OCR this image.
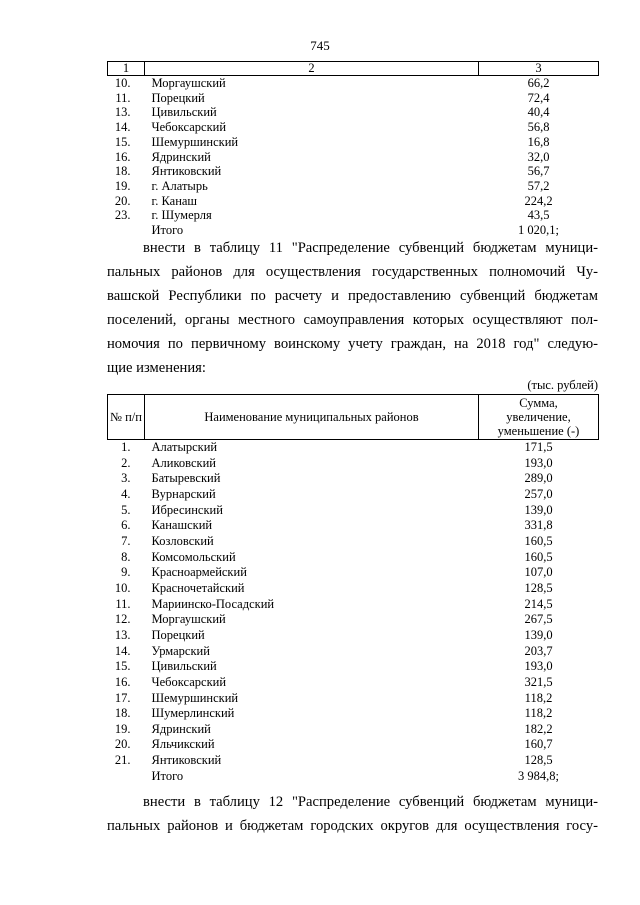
745
1	2	3
10.	Моргаушский	66,2
11.	Порецкий	72,4
13.	Цивильский	40,4
14.	Чебоксарский	56,8
15.	Шемуршинский	16,8
16.	Ядринский	32,0
18.	Янтиковский	56,7
19.	г. Алатырь	57,2
20.	г. Канаш	224,2
23.	г. Шумерля	43,5
	Итого	1 020,1;
внести в таблицу 11 "Распределение субвенций бюджетам муници-
пальных районов для осуществления государственных полномочий Чу-
вашской Республики по расчету и предоставлению субвенций бюджетам
поселений, органы местного самоуправления которых осуществляют пол-
номочия по первичному воинскому учету граждан, на 2018 год" следую-
щие изменения:
(тыс. рублей)
№ п/п	Наименование муниципальных районов	Сумма,
увеличение,
уменьшение (-)

1.	Алатырский	171,5
2.	Аликовский	193,0
3.	Батыревский	289,0
4.	Вурнарский	257,0
5.	Ибресинский	139,0
6.	Канашский	331,8
7.	Козловский	160,5
8.	Комсомольский	160,5
9.	Красноармейский	107,0
10.	Красночетайский	128,5
11.	Мариинско-Посадский	214,5
12.	Моргаушский	267,5
13.	Порецкий	139,0
14.	Урмарский	203,7
15.	Цивильский	193,0
16.	Чебоксарский	321,5
17.	Шемуршинский	118,2
18.	Шумерлинский	118,2
19.	Ядринский	182,2
20.	Яльчикский	160,7
21.	Янтиковский	128,5
	Итого	3 984,8;
внести в таблицу 12 "Распределение субвенций бюджетам муници-
пальных районов и бюджетам городских округов для осуществления госу-
